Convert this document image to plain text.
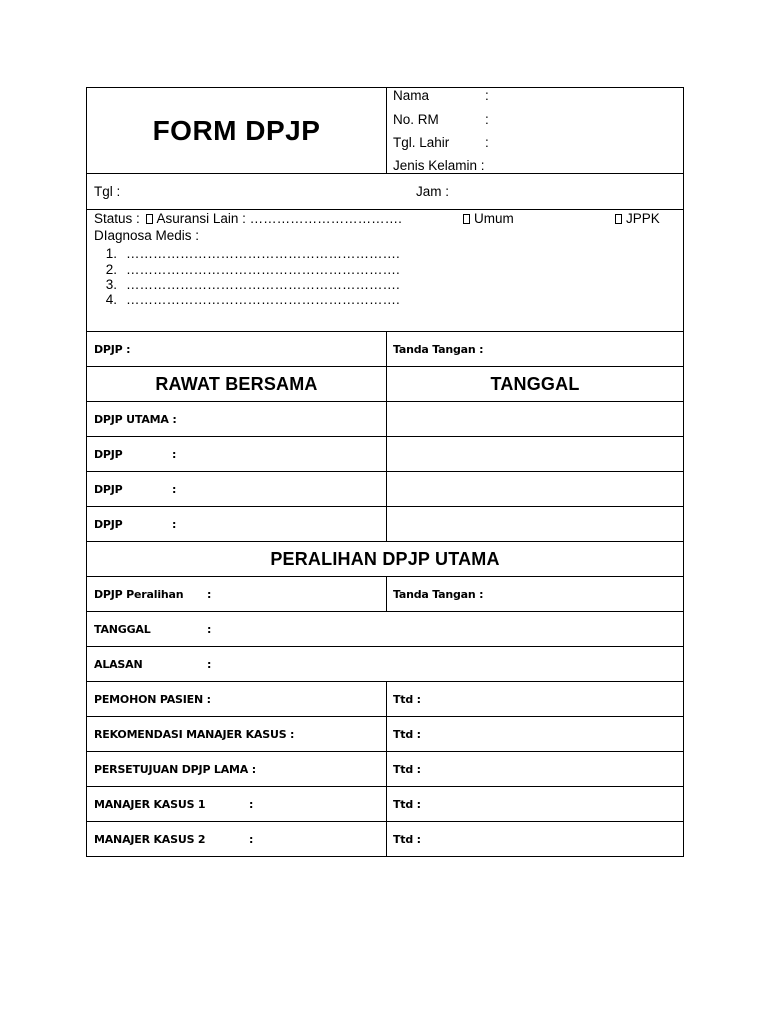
FORM DPJP
Nama	:
No. RM	:
Tgl. Lahir	:
Jenis Kelamin :
Tgl :	Jam :
Status : Asuransi Lain : …………………………….	Umum	JPPK
DIagnosa Medis :
1. …………………………………………………….
2. …………………………………………………….
3. …………………………………………………….
4. …………………………………………………….
DPJP :	Tanda Tangan :
RAWAT BERSAMA	TANGGAL
DPJP UTAMA :
DPJP	:
DPJP	:
DPJP	:
PERALIHAN DPJP UTAMA
DPJP Peralihan	:	Tanda Tangan :
TANGGAL	:
ALASAN	:
PEMOHON PASIEN :	Ttd :
REKOMENDASI MANAJER KASUS :	Ttd :
PERSETUJUAN DPJP LAMA :	Ttd :
MANAJER KASUS 1	:	Ttd :
MANAJER KASUS 2	:	Ttd :
